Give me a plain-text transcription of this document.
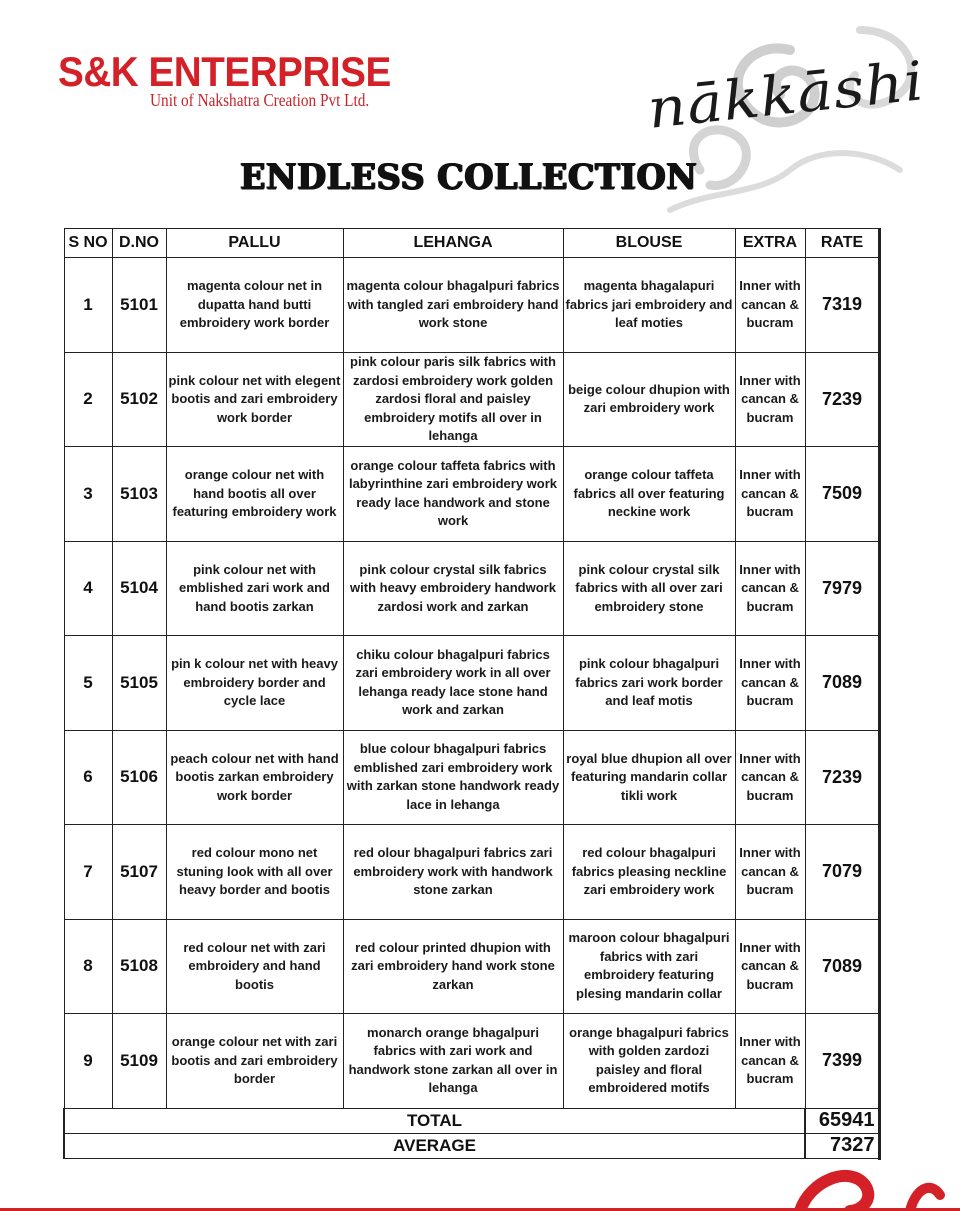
S&K ENTERPRISE
Unit of Nakshatra Creation Pvt Ltd.	nākkāshi
ENDLESS COLLECTION
S NO	D.NO	PALLU	LEHANGA	BLOUSE	EXTRA	RATE
1	5101	magenta colour net in dupatta hand butti embroidery work border	magenta colour bhagalpuri fabrics with tangled zari embroidery hand work stone	magenta bhagalapuri fabrics jari embroidery and leaf moties	Inner with cancan & bucram	7319
2	5102	pink colour net with elegent bootis and zari embroidery work border	pink colour paris silk fabrics with zardosi embroidery work golden zardosi floral and paisley embroidery motifs all over in lehanga	beige colour dhupion with zari embroidery work	Inner with cancan & bucram	7239
3	5103	orange colour net with hand bootis all over featuring embroidery work	orange colour taffeta fabrics with labyrinthine zari embroidery work ready lace handwork and stone work	orange colour taffeta fabrics all over featuring neckine work	Inner with cancan & bucram	7509
4	5104	pink colour net with emblished zari work and hand bootis zarkan	pink colour crystal silk fabrics with heavy embroidery handwork zardosi work and zarkan	pink colour crystal silk fabrics with all over zari embroidery stone	Inner with cancan & bucram	7979
5	5105	pin k colour net with heavy embroidery border and cycle lace	chiku colour bhagalpuri fabrics zari embroidery work in all over lehanga ready lace stone hand work and zarkan	pink colour bhagalpuri fabrics zari work border and leaf motis	Inner with cancan & bucram	7089
6	5106	peach colour net with hand bootis zarkan embroidery work border	blue colour bhagalpuri fabrics emblished zari embroidery work with zarkan stone handwork ready lace in lehanga	royal blue dhupion all over featuring mandarin collar tikli work	Inner with cancan & bucram	7239
7	5107	red colour mono net stuning look with all over heavy border and bootis	red olour bhagalpuri fabrics zari embroidery work with handwork stone zarkan	red colour bhagalpuri fabrics pleasing neckline zari embroidery work	Inner with cancan & bucram	7079
8	5108	red colour net with zari embroidery and hand bootis	red colour printed dhupion with zari embroidery hand work stone zarkan	maroon colour bhagalpuri fabrics with zari embroidery featuring plesing mandarin collar	Inner with cancan & bucram	7089
9	5109	orange colour net with zari bootis and zari embroidery border	monarch orange bhagalpuri fabrics with zari work and handwork stone zarkan all over in lehanga	orange bhagalpuri fabrics with golden zardozi paisley and floral embroidered motifs	Inner with cancan & bucram	7399
TOTAL						65941
AVERAGE						7327
